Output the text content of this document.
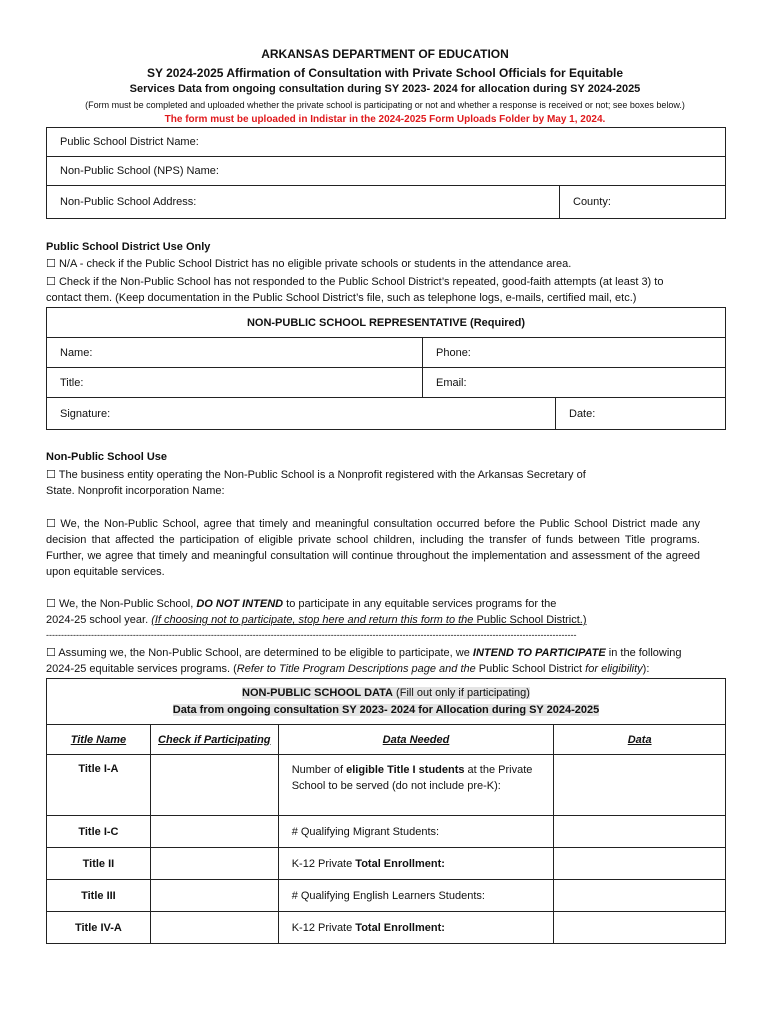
ARKANSAS DEPARTMENT OF EDUCATION
SY 2024-2025 Affirmation of Consultation with Private School Officials for Equitable
Services Data from ongoing consultation during SY 2023- 2024 for allocation during SY 2024-2025
(Form must be completed and uploaded whether the private school is participating or not and whether a response is received or not; see boxes below.)
The form must be uploaded in Indistar in the 2024-2025 Form Uploads Folder by May 1, 2024.
Public School District Name:
Non-Public School (NPS) Name:
Non-Public School Address:	County:
Public School District Use Only
☐ N/A - check if the Public School District has no eligible private schools or students in the attendance area.
☐ Check if the Non-Public School has not responded to the Public School District’s repeated, good-faith attempts (at least 3) to
contact them. (Keep documentation in the Public School District’s file, such as telephone logs, e-mails, certified mail, etc.)
NON-PUBLIC SCHOOL REPRESENTATIVE (Required)
Name:	Phone:
Title:	Email:
Signature:	Date:
Non-Public School Use
☐ The business entity operating the Non-Public School is a Nonprofit registered with the Arkansas Secretary of
State. Nonprofit incorporation Name:
☐ We, the Non-Public School, agree that timely and meaningful consultation occurred before the Public School District made any decision that affected the participation of eligible private school children, including the transfer of funds between Title programs. Further, we agree that timely and meaningful consultation will continue throughout the implementation and assessment of the agreed upon equitable services.
☐ We, the Non-Public School, DO NOT INTEND to participate in any equitable services programs for the
2024-25 school year. (If choosing not to participate, stop here and return this form to the Public School District.)
---------------------------------------------------------------------------------------------------------------------------------------------------------------------------------
☐ Assuming we, the Non-Public School, are determined to be eligible to participate, we INTEND TO PARTICIPATE in the following
2024-25 equitable services programs. (Refer to Title Program Descriptions page and the Public School District for eligibility):
NON-PUBLIC SCHOOL DATA (Fill out only if participating)
Data from ongoing consultation SY 2023- 2024 for Allocation during SY 2024-2025			
Title Name	Check if Participating	Data Needed	Data
Title I-A		Number of eligible Title I students at the Private School to be served (do not include pre-K):	
Title I-C		# Qualifying Migrant Students:	
Title II		K-12 Private Total Enrollment:	
Title III		# Qualifying English Learners Students:	
Title IV-A		K-12 Private Total Enrollment:	
